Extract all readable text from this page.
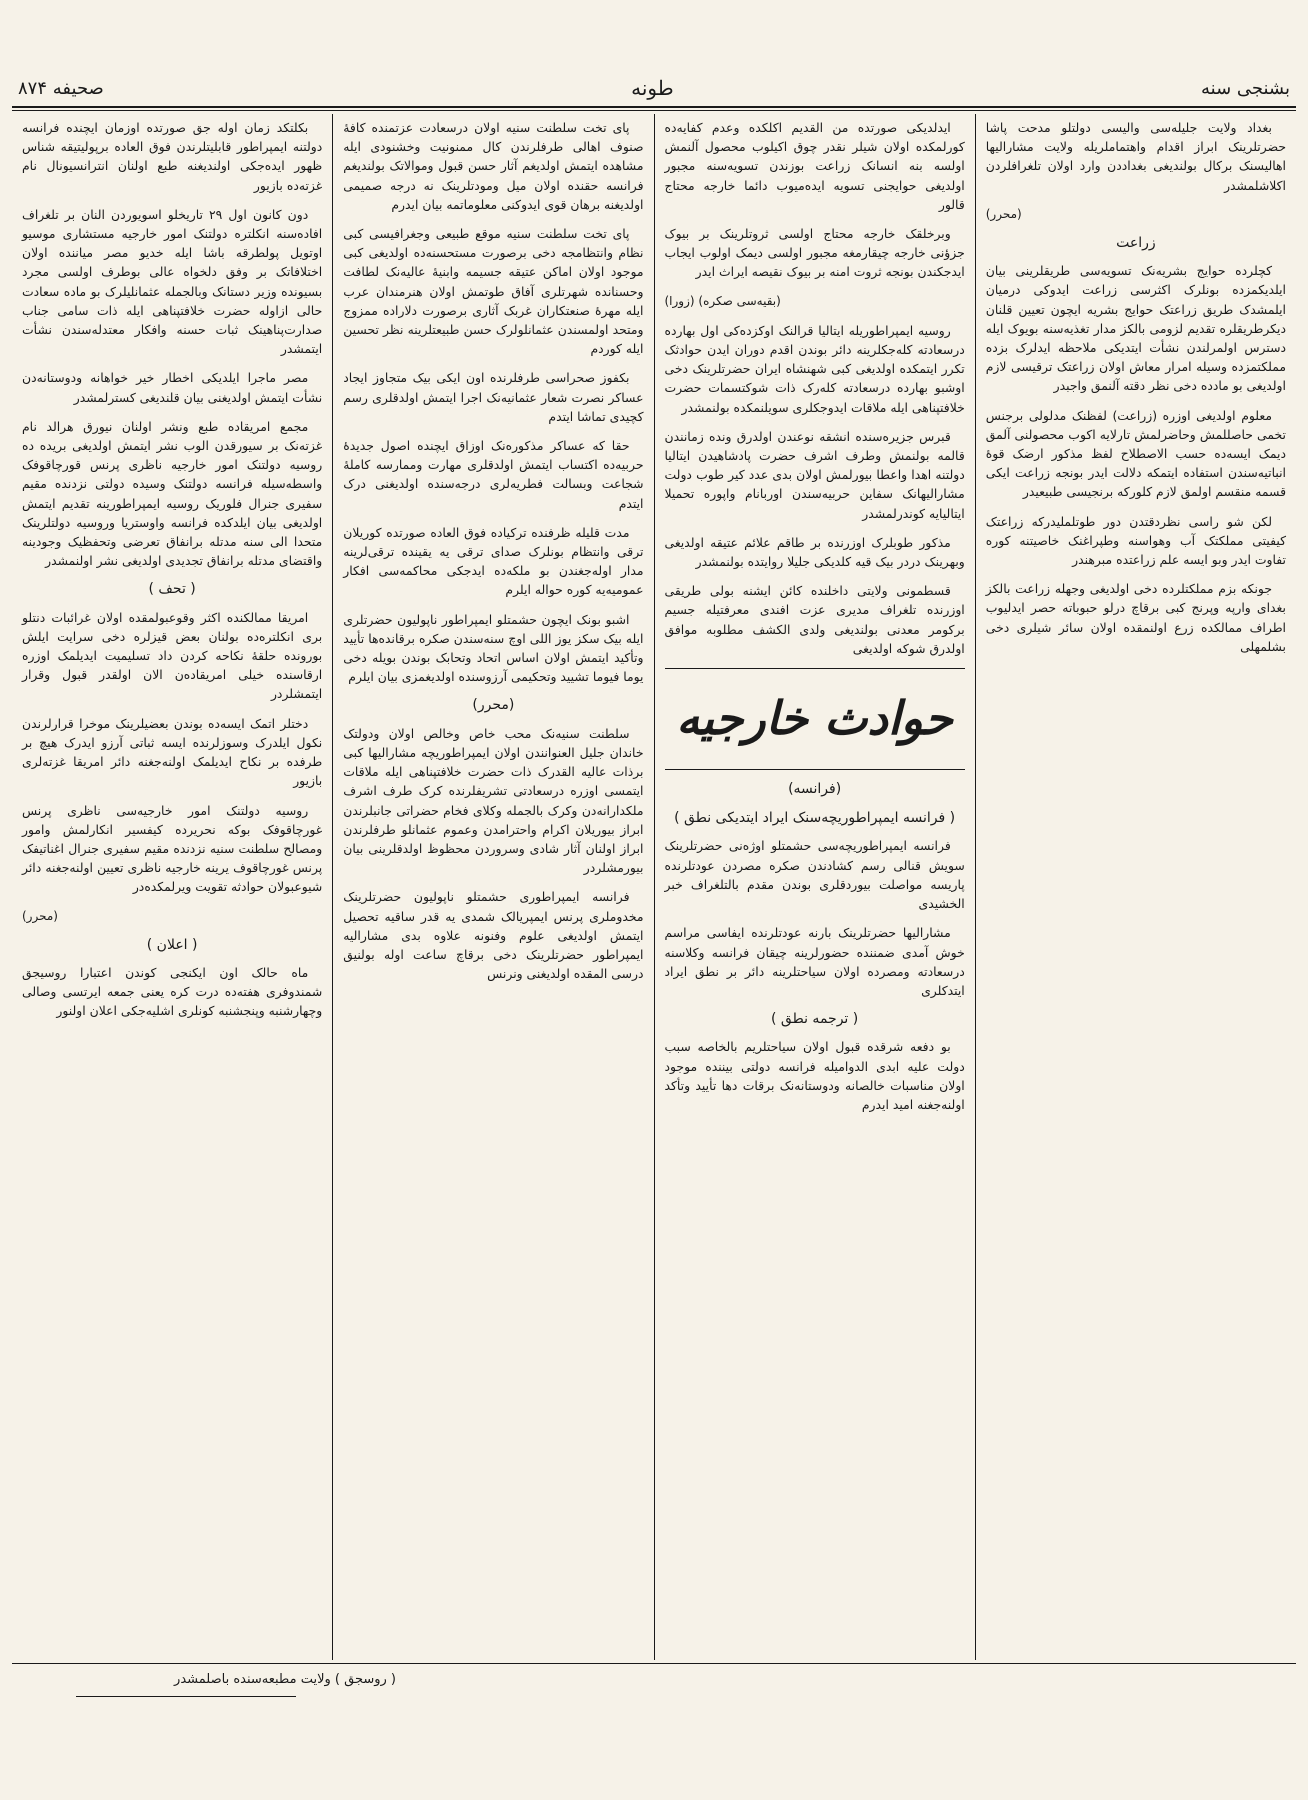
بشنجی سنه
طونه
صحیفه ۸۷۴

بغداد ولایت جلیله‌سی والیسی دولتلو مدحت پاشا حضرتلرینک ابراز اقدام واهتماملریله ولایت مشارالیها اهالیسنک برکال بولندیغی بغداددن وارد اولان تلغرافلردن اکلاشلمشدر

(محرر)
زراعت

کچلرده حوایج بشریه‌نک تسویه‌سی طریقلرینی بیان ایلدیکمزده بونلرک اکثرسی زراعت ایدوکی درمیان ایلمشدک طریق زراعتک حوایج بشریه ایچون تعیین قلنان دیکرطریقلره تقدیم لزومی بالکز مدار تغذیه‌سنه بویوک ایله دسترس اولمرلندن نشأت ایتدیکی ملاحظه ایدلرک بزده مملکتمزده وسیله امرار معاش اولان زراعتک ترقیسی لازم اولدیغی بو مادده دخی نظر دقته آلنمق واجبدر

معلوم اولدیغی اوزره (زراعت) لفظنک مدلولی برجنس تخمی حاصللمش وحاضرلمش تارلایه اکوب محصولنی آلمق دیمک ایسه‌ده حسب الاصطلاح لفظ مذکور ارضک قوهٔ انباتیه‌سندن استفاده ایتمکه دلالت ایدر بونجه زراعت ایکی قسمه منقسم اولمق لازم کلورکه برنجیسی طبیعیدر

لکن شو راسی نظردقتدن دور طوتلملیدرکه زراعتک کیفیتی مملکتک آب وهواسنه وطپراغنک خاصیتنه کوره تفاوت ایدر وبو ایسه علم زراعتده مبرهندر

جونکه بزم مملکتلرده دخی اولدیغی وجهله زراعت بالکز بغدای وارپه وپرنج کبی برقاچ درلو حبوباته حصر ایدلیوب اطراف ممالکده زرع اولنمقده اولان سائر شیلری دخی بشلمهلی

ایدلدیکی صورتده من القدیم اکلکده وعدم کفایه‌ده کورلمکده اولان شیلر نقدر چوق اکیلوب محصول آلنمش اولسه بنه انسانک زراعت بوزندن تسویه‌سنه مجبور اولدیغی حوایجنی تسویه ایده‌میوب دائما خارجه محتاج قالور

وبرخلقک خارجه محتاج اولسی ثروتلرینک بر بیوک جزؤنی خارجه چیقارمغه مجبور اولسی دیمک اولوب ایجاب ایدجکندن بونجه ثروت امنه بر بیوک نقیصه ایراث ایدر

(بقیه‌سی صکره) (زورا)

روسیه ایمپراطوریله ایتالیا قرالنک اوکزده‌کی اول بهارده درسعادته کله‌جکلرینه دائر بوندن اقدم دوران ایدن حوادثک تکرر ایتمکده اولدیغی کبی شهنشاه ایران حضرتلرینک دخی اوشبو بهارده درسعادته کله‌رک ذات شوکتسمات حضرت خلافتپناهی ایله ملاقات ایدوجکلری سویلنمکده بولنمشدر

قبرس جزیره‌سنده انشقه نوعندن اولدرق ونده زمانندن قالمه بولنمش وطرف اشرف حضرت پادشاهیدن ایتالیا دولتنه اهدا واعطا بیورلمش اولان بدی عدد کیر طوب دولت مشارالیهانک سفاین حربیه‌سندن اوربانام واپوره تحمیلا ایتالیایه کوندرلمشدر

مذکور طوبلرک اوزرنده بر طاقم علائم عتیقه اولدیغی وبهرینک دردر بیک قیه کلدیکی جلیلا روایتده بولنمشدر

قسطمونی ولایتی داخلنده کائن ایشنه بولی طریقی اوزرنده تلغراف مدیری عزت افندی معرفتیله جسیم برکومر معدنی بولندیغی ولدی الکشف مطلوبه موافق اولدرق شوکه اولدیغی

حوادث خارجیه
(فرانسه)
( فرانسه ایمپراطوریچه‌سنک ایراد ایتدیکی نطق )

فرانسه ایمپراطوریچه‌سی حشمتلو اوژه‌نی حضرتلرینک سویش قنالی رسم کشادندن صکره مصردن عودتلرنده پاریسه مواصلت بیوردقلری بوندن مقدم بالتلغراف خبر الخشیدی

مشارالیها حضرتلرینک بارنه عودتلرنده ایفاسی مراسم خوش آمدی ضمننده حضورلرینه چیقان فرانسه وکلاسنه درسعادته ومصرده اولان سیاحتلرینه دائر بر نطق ایراد ایتدکلری

( ترجمه نطق )

بو دفعه شرقده قبول اولان سیاحتلریم بالخاصه سبب دولت علیه ابدی الدوامیله فرانسه دولتی بیننده موجود اولان مناسبات خالصانه ودوستانه‌نک برقات دها تأیید وتأکد اولنه‌جغنه امید ایدرم

پای تخت سلطنت سنیه اولان درسعادت عزتمنده کافهٔ صنوف اهالی طرفلرندن کال ممنونیت وخشنودی ایله مشاهده ایتمش اولدیغم آثار حسن قبول وموالاتک بولندیغم فرانسه حقنده اولان میل ومودتلرینک نه درجه صمیمی اولدیغنه برهان قوی ایدوکنی معلوماتمه بیان ایدرم

پای تخت سلطنت سنیه موقع طبیعی وجغرافیسی کبی نظام وانتظامجه دخی برصورت مستحسنه‌ده اولدیغی کبی موجود اولان اماکن عتیقه جسیمه وابنیهٔ عالیه‌نک لطافت وحسنانده شهرتلری آفاق طوتمش اولان هنرمندان عرب ایله مهرهٔ صنعتکاران غربک آثاری برصورت دلاراده ممزوج ومتحد اولمسندن عثمانلولرک حسن طبیعتلرینه نظر تحسین ایله کوردم

بکفوز صحراسی طرفلرنده اون ایکی بیک متجاوز ایجاد عساکر نصرت شعار عثمانیه‌نک اجرا ایتمش اولدقلری رسم کچیدی تماشا ایتدم

حقا که عساکر مذکوره‌نک اوزاق ایچنده اصول جدیدهٔ حربیه‌ده اکتساب ایتمش اولدقلری مهارت وممارسه کاملهٔ شجاعت وبسالت فطریه‌لری درجه‌سنده اولدیغنی درک ایتدم

مدت قلیله ظرفنده ترکیاده فوق العاده صورتده کوریلان ترقی وانتظام بونلرک صدای ترقی یه یقینده ترقی‌لرینه مدار اوله‌جغندن بو ملکه‌ده ایدجکی محاکمه‌سی افکار عمومیه‌یه کوره حواله ایلرم

اشبو بونک ایچون حشمتلو ایمپراطور ناپولیون حضرتلری ایله بیک سکز یوز اللی اوچ سنه‌سندن صکره برقانده‌ها تأیید وتأکید ایتمش اولان اساس اتحاد وتحابک بوندن بویله دخی یوما فیوما تشیید وتحکیمی آرزوسنده اولدیغمزی بیان ایلرم

(محرر)

سلطنت سنیه‌نک محب خاص وخالص اولان ودولتک خاندان جلیل العنوانندن اولان ایمپراطوریچه مشارالیها کبی برذات عالیه القدرک ذات حضرت خلافتپناهی ایله ملاقات ایتمسی اوزره درسعادتی تشریفلرنده کرک طرف اشرف ملکدارانه‌دن وکرک بالجمله وکلای فخام حضراتی جانبلرندن ابراز بیوریلان اکرام واحترامدن وعموم عثمانلو طرفلرندن ابراز اولنان آثار شادی وسروردن محظوظ اولدقلرینی بیان بیورمشلردر

فرانسه ایمپراطوری حشمتلو ناپولیون حضرتلرینک مخدوملری پرنس ایمپریالک شمدی یه قدر ساقیه تحصیل ایتمش اولدیغی علوم وفنونه علاوه بدی مشارالیه ایمپراطور حضرتلرینک دخی برقاچ ساعت اوله بولنیق درسی المقده اولدیغنی ونرنس

بکلتکد زمان اوله جق صورتده اوزمان ایچنده فرانسه دولتنه ایمپراطور قابلیتلرندن فوق العاده برپولیتیقه شناس ظهور ایده‌جکی اولندیغنه طبع اولنان انترانسیونال نام غزته‌ده بازیور

دون کانون اول ۲۹ تاریخلو اسویوردن النان بر تلغراف افاده‌سنه انکلتره دولتنک امور خارجیه مستشاری موسیو اوتویل پولطرقه باشا ایله خدیو مصر میاننده اولان اختلافاتک بر وفق دلخواه عالی بوطرف اولسی مجرد بسیونده وزیر دستانک وبالجمله عثمانلیلرک بو ماده سعادت حالی ازاوله حضرت خلافتپناهی ایله ذات سامی جناب صدارت‌پناهینک ثبات حسنه وافکار معتدله‌سندن نشأت ایتمشدر

مصر ماجرا ایلدیکی اخطار خیر خواهانه ودوستانه‌دن نشأت ایتمش اولدیغنی بیان قلندیغی کسترلمشدر

مجمع امریقاده طبع ونشر اولنان نیورق هرالد نام غزته‌نک بر سیورقدن الوب نشر ایتمش اولدیغی بریده ده روسیه دولتنک امور خارجیه ناظری پرنس قورچاقوفک واسطه‌سیله فرانسه دولتنک وسیده دولتی نزدنده مقیم سفیری جنرال فلوریک روسیه ایمپراطورینه تقدیم ایتمش اولدیغی بیان ایلدکده فرانسه واوستریا وروسیه دولتلرینک متحدا الی سنه مدتله برانفاق تعرضی وتحفظیک وجودینه واقتضای مدتله برانفاق تجدیدی اولدیغی نشر اولنمشدر

( تحف )

امریقا ممالکنده اکثر وقوعبولمقده اولان غرائبات دنتلو بری انکلتره‌ده بولنان بعض قیزلره دخی سرایت ایلش بورونده حلقهٔ نکاحه کردن داد تسلیمیت ایدیلمک اوزره ارقاسنده خیلی امریقاده‌ن الان اولقدر قبول وقرار ایتمشلردر

دختلر اتمک ایسه‌ده بوندن بعضیلرینک موخرا قرارلرندن نکول ایلدرک وسوزلرنده ایسه ثباتی آرزو ایدرک هیچ بر طرفده بر نکاح ایدیلمک اولنه‌جغنه دائر امریقا غزته‌لری بازیور

روسیه دولتنک امور خارجیه‌سی ناظری پرنس غورچاقوفک بوکه نحریرده کیفسیر انکارلمش وامور ومصالح سلطنت سنیه نزدنده مقیم سفیری جنرال اغناتیفک پرنس غورچاقوف یرینه خارجیه ناظری تعیین اولنه‌جغنه دائر شیوعبولان حوادثه تقویت ویرلمکده‌در

(محرر)
( اعلان )

ماه حالک اون ایکنجی کوندن اعتبارا روسیجق شمندوفری هفته‌ده درت کره یعنی جمعه ایرتسی وصالی وچهارشنبه وپنجشنبه کونلری اشلیه‌جکی اعلان اولنور

( روسجق ) ولایت مطبعه‌سنده باصلمشدر
